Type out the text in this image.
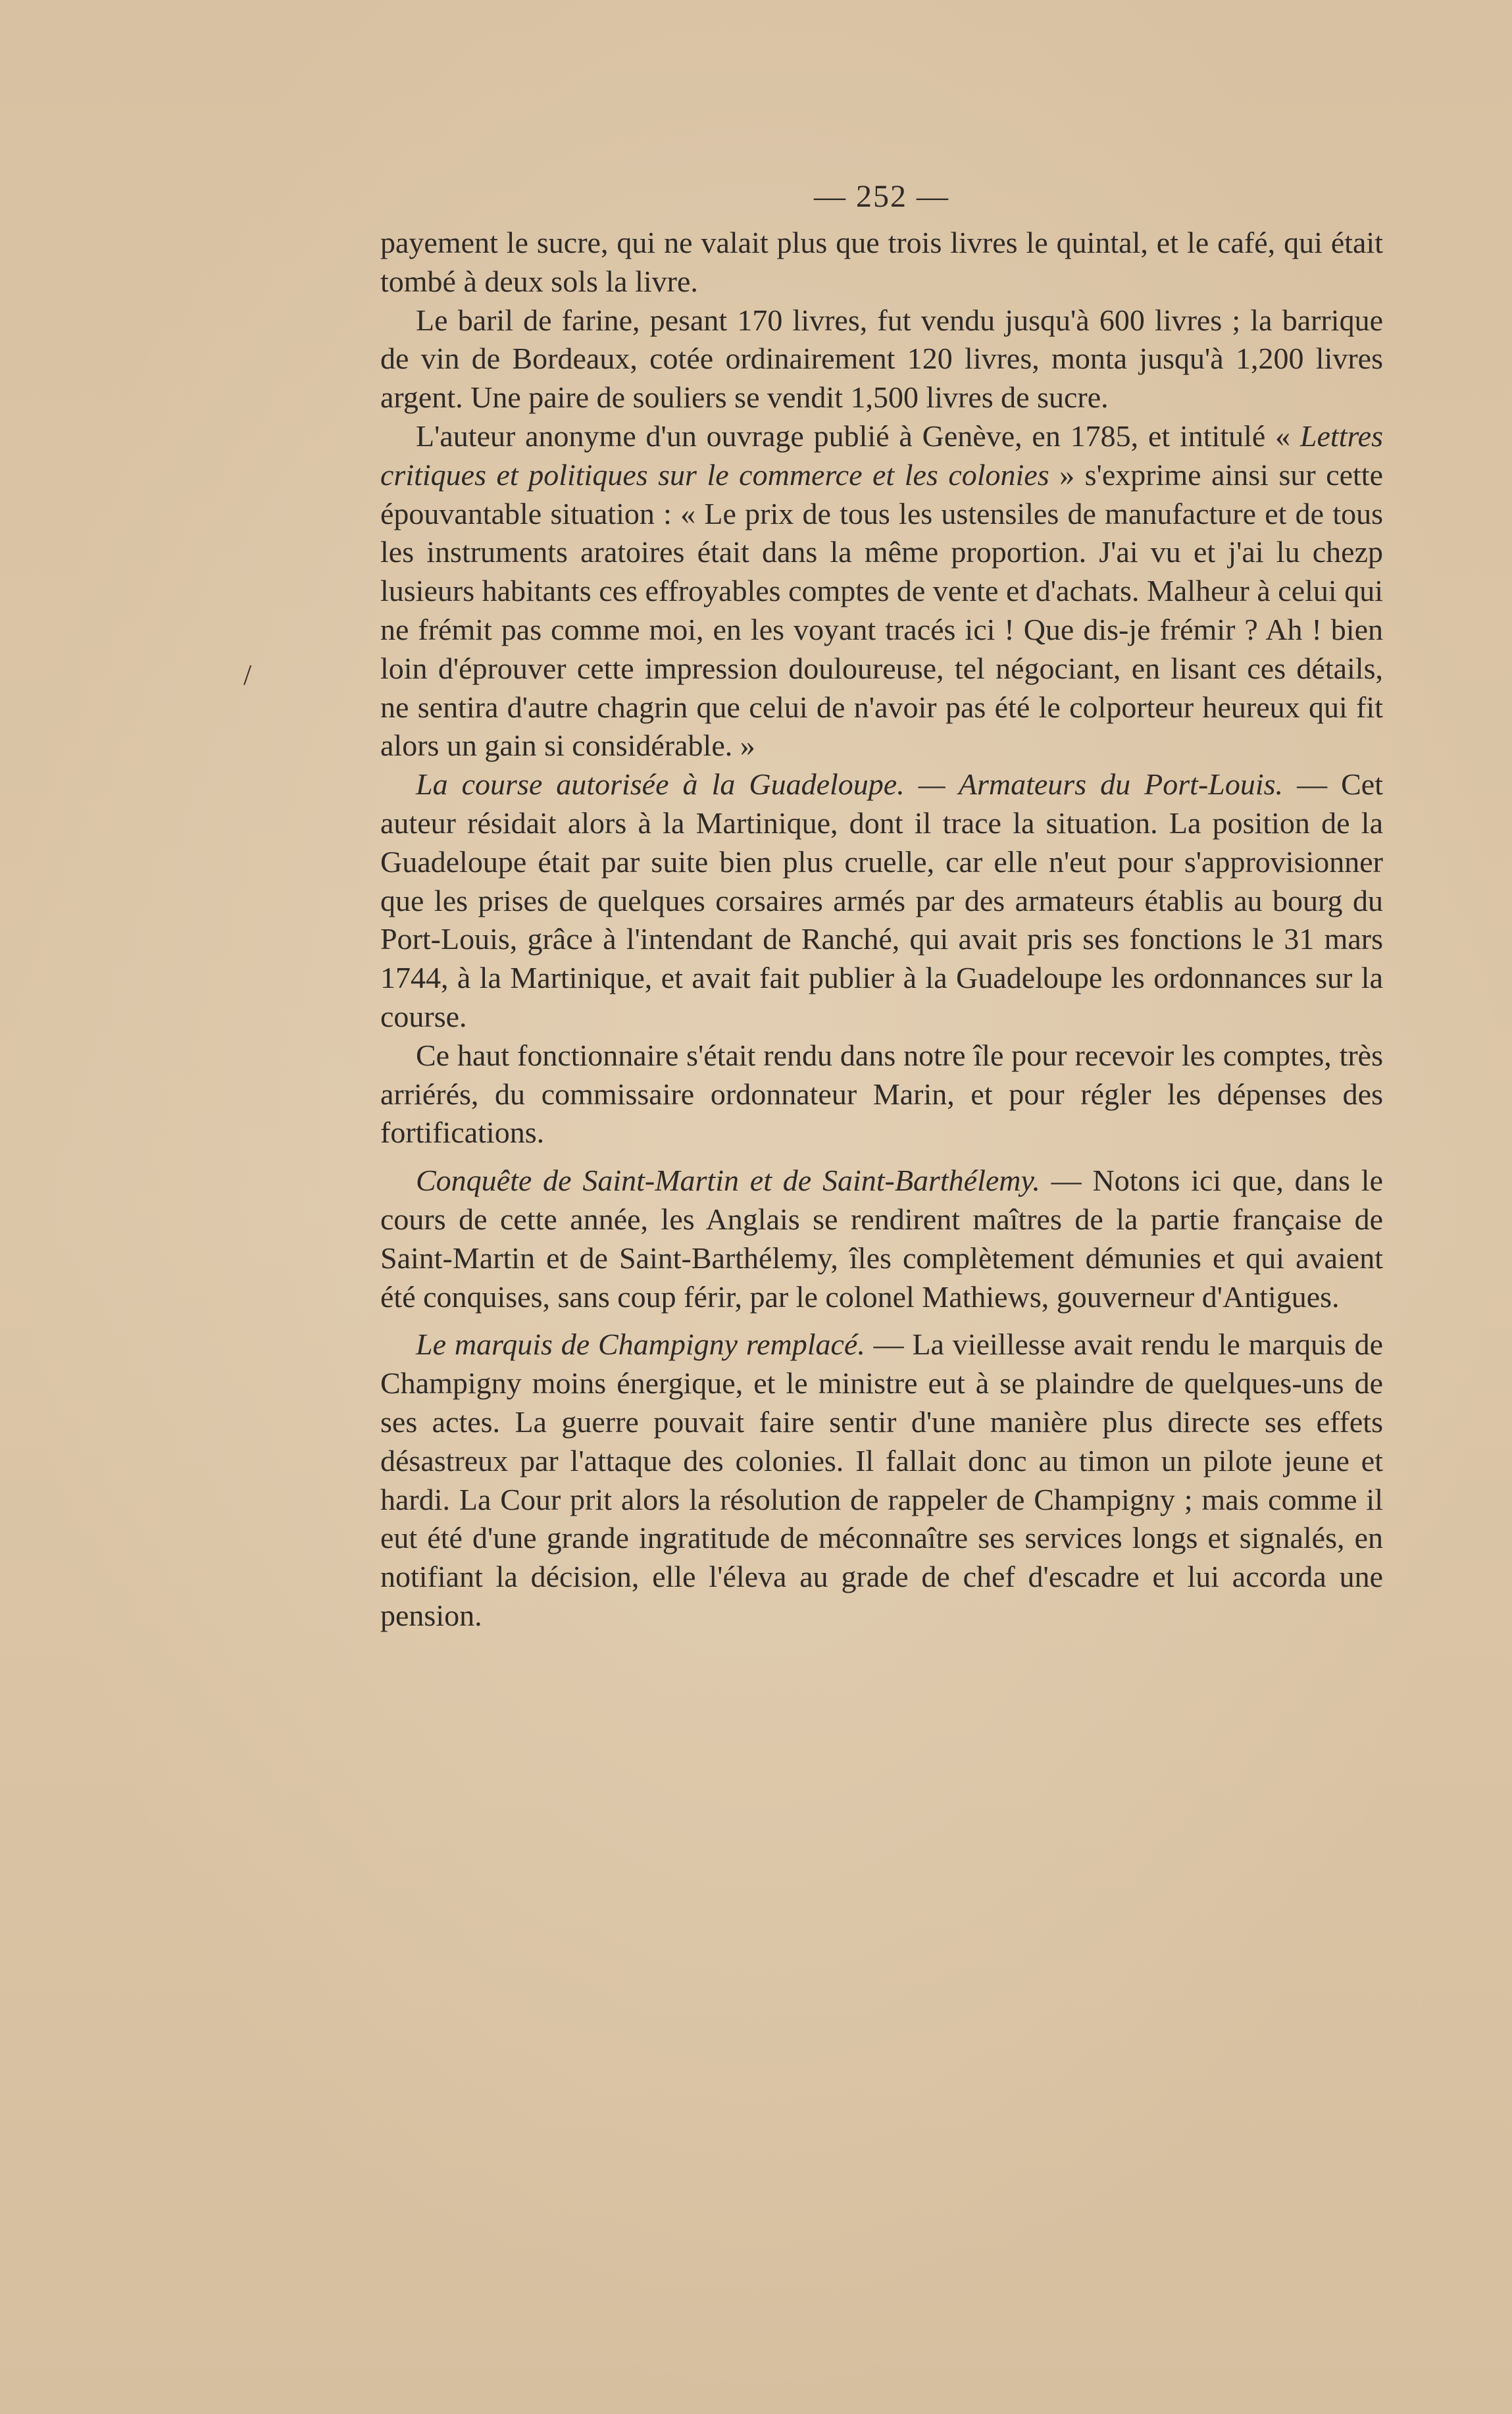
/
— 252 —

payement le sucre, qui ne valait plus que trois livres le quintal, et le café, qui était tombé à deux sols la livre.

Le baril de farine, pesant 170 livres, fut vendu jusqu'à 600 livres ; la barrique de vin de Bordeaux, cotée ordinairement 120 livres, monta jusqu'à 1,200 livres argent. Une paire de souliers se vendit 1,500 livres de sucre.

L'auteur anonyme d'un ouvrage publié à Genève, en 1785, et intitulé « Lettres critiques et politiques sur le commerce et les colonies » s'exprime ainsi sur cette épouvantable situation : « Le prix de tous les ustensiles de manufacture et de tous les instruments aratoires était dans la même proportion. J'ai vu et j'ai lu chezp lusieurs habitants ces effroyables comptes de vente et d'achats. Malheur à celui qui ne frémit pas comme moi, en les voyant tracés ici ! Que dis-je frémir ? Ah ! bien loin d'éprouver cette impression douloureuse, tel négociant, en lisant ces détails, ne sentira d'autre chagrin que celui de n'avoir pas été le colporteur heureux qui fit alors un gain si considérable. »

La course autorisée à la Guadeloupe. — Armateurs du Port-Louis. — Cet auteur résidait alors à la Martinique, dont il trace la situation. La position de la Guadeloupe était par suite bien plus cruelle, car elle n'eut pour s'approvisionner que les prises de quelques corsaires armés par des armateurs établis au bourg du Port-Louis, grâce à l'intendant de Ranché, qui avait pris ses fonctions le 31 mars 1744, à la Martinique, et avait fait publier à la Guadeloupe les ordonnances sur la course.

Ce haut fonctionnaire s'était rendu dans notre île pour recevoir les comptes, très arriérés, du commissaire ordonnateur Marin, et pour régler les dépenses des fortifications.

Conquête de Saint-Martin et de Saint-Barthélemy. — Notons ici que, dans le cours de cette année, les Anglais se rendirent maîtres de la partie française de Saint-Martin et de Saint-Barthélemy, îles complètement démunies et qui avaient été conquises, sans coup férir, par le colonel Mathiews, gouverneur d'Antigues.

Le marquis de Champigny remplacé. — La vieillesse avait rendu le marquis de Champigny moins énergique, et le ministre eut à se plaindre de quelques-uns de ses actes. La guerre pouvait faire sentir d'une manière plus directe ses effets désastreux par l'attaque des colonies. Il fallait donc au timon un pilote jeune et hardi. La Cour prit alors la résolution de rappeler de Champigny ; mais comme il eut été d'une grande ingratitude de méconnaître ses services longs et signalés, en notifiant la décision, elle l'éleva au grade de chef d'escadre et lui accorda une pension.
